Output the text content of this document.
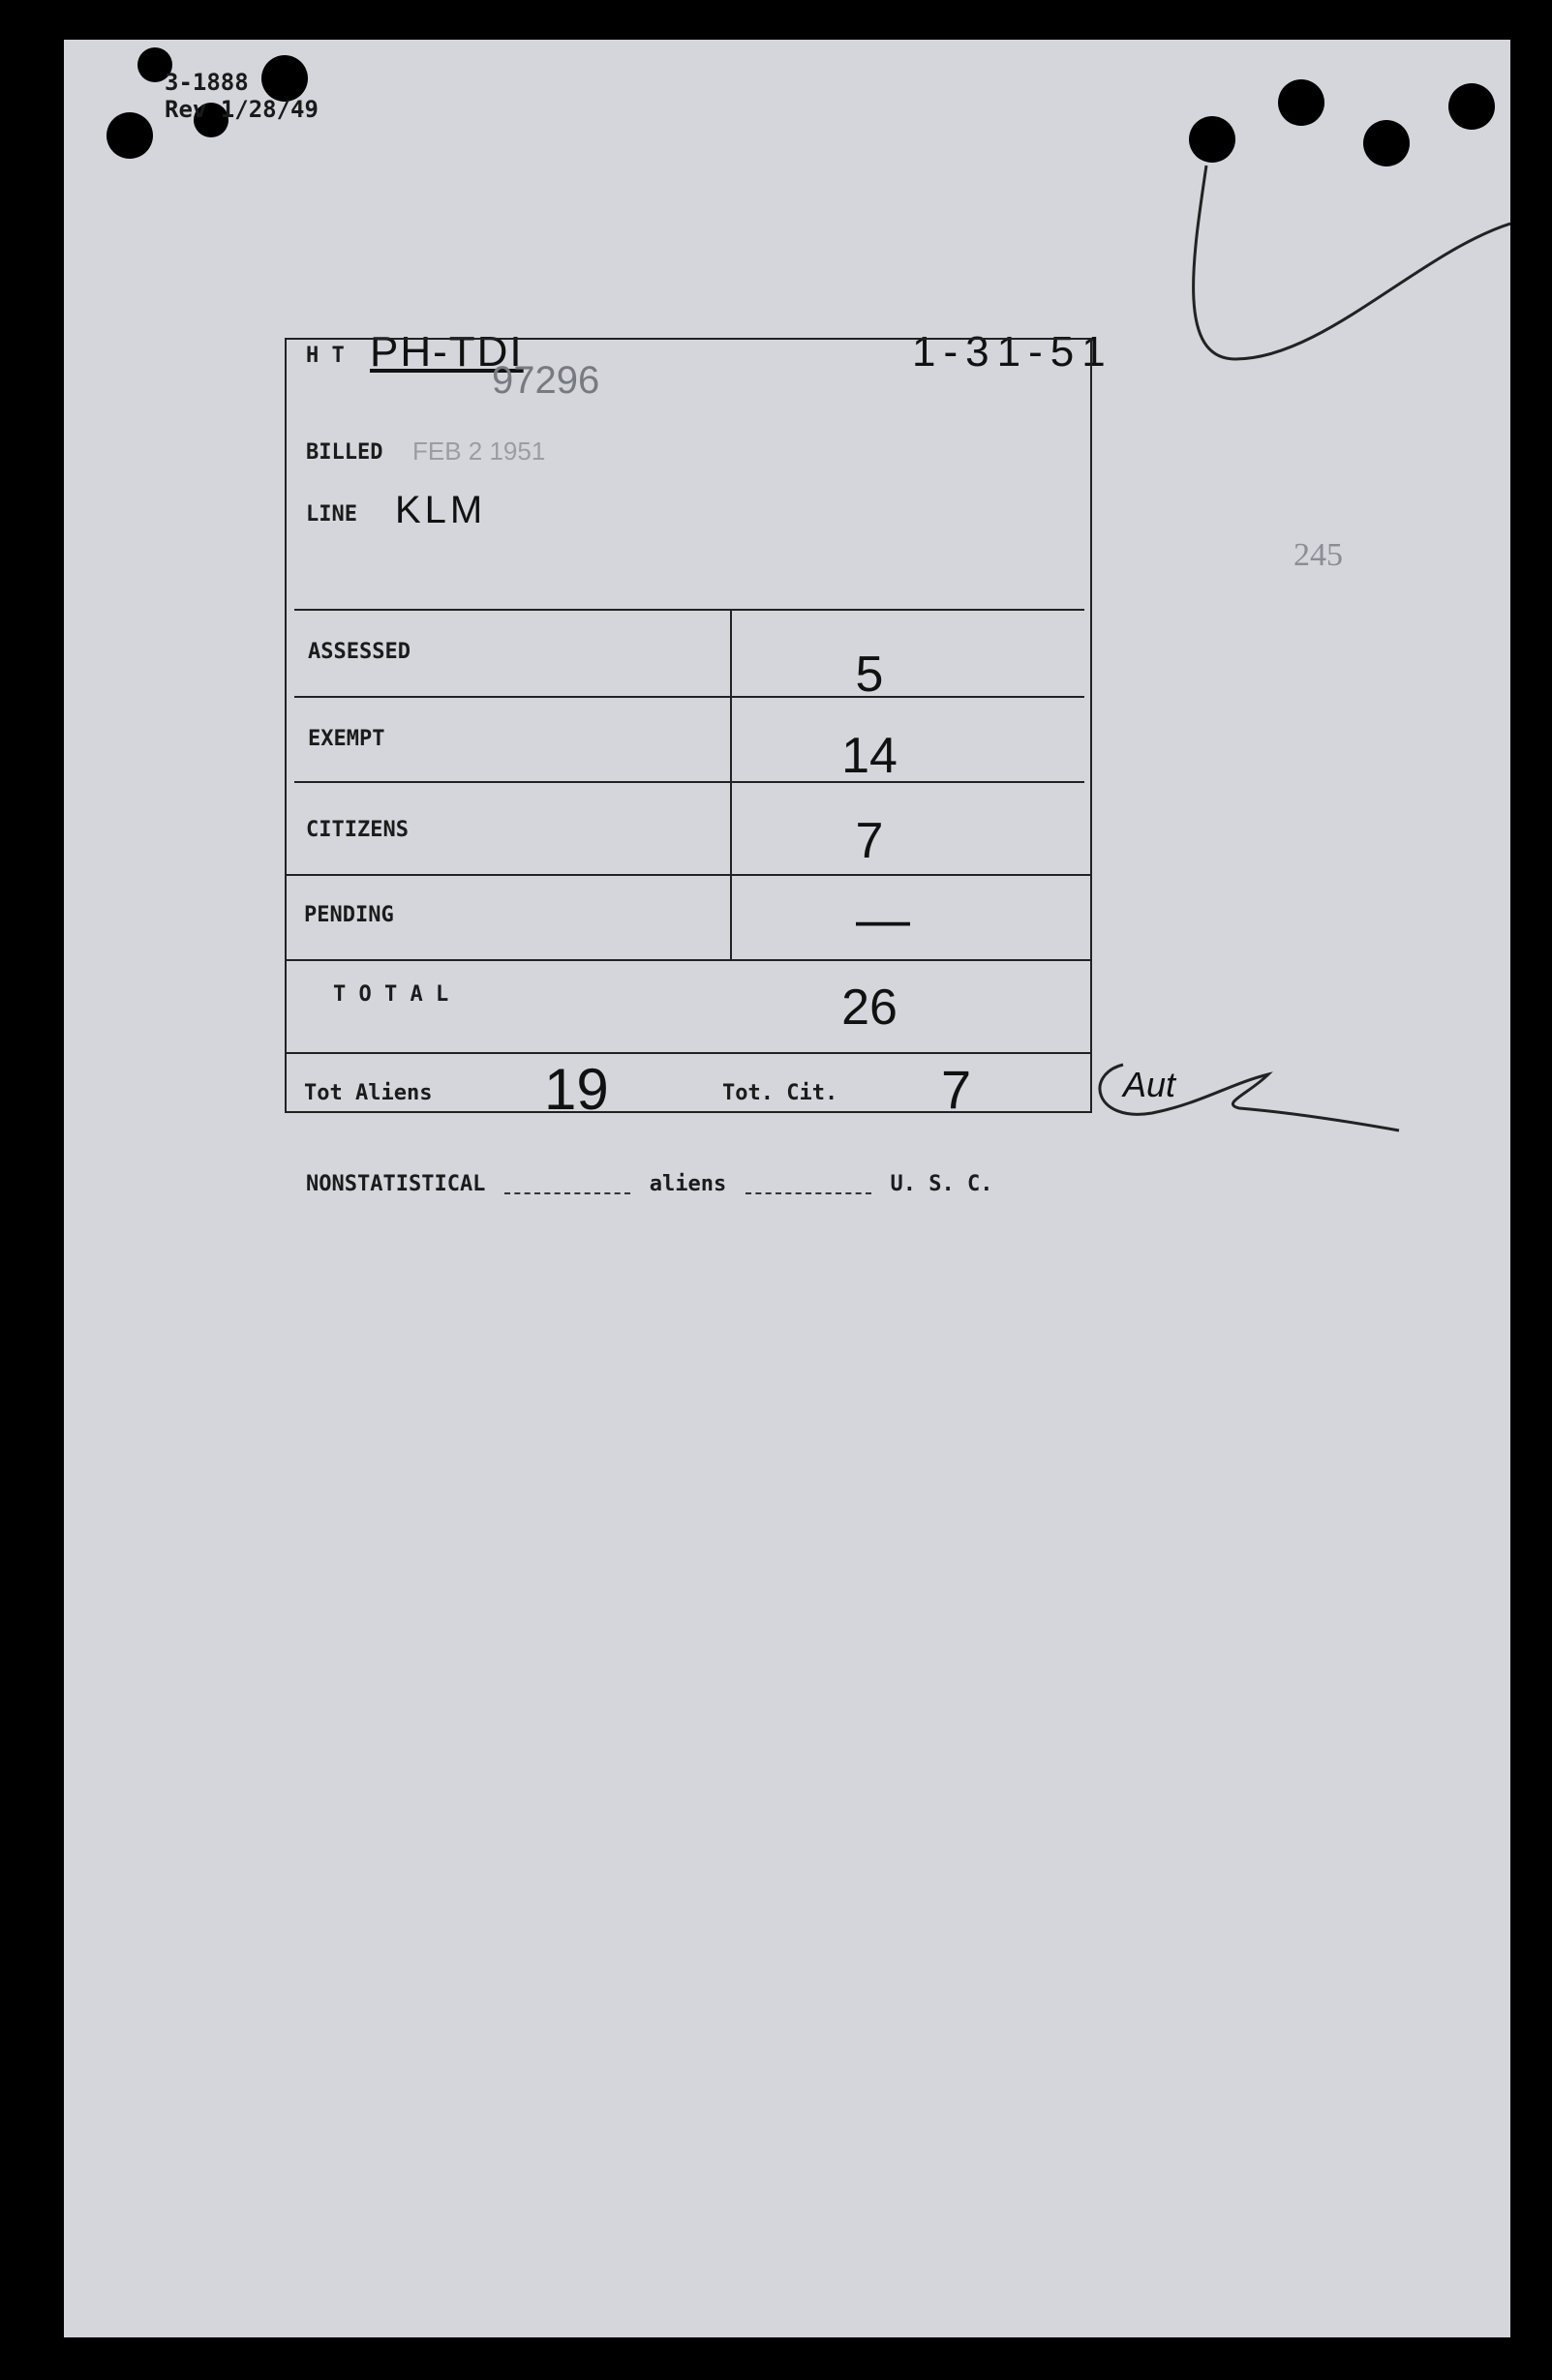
3-1888
Rev 1/28/49
PH-TDI	1-31-51
245
NONSTATISTICAL	aliens	U. S. C.
H T
97296
BILLED FEB 2 1951
LINE KLM
ASSESSED	5
EXEMPT	14
CITIZENS	7
PENDING	—
T O T A L	26
Tot Aliens 19	Tot. Cit. 7	Aut
